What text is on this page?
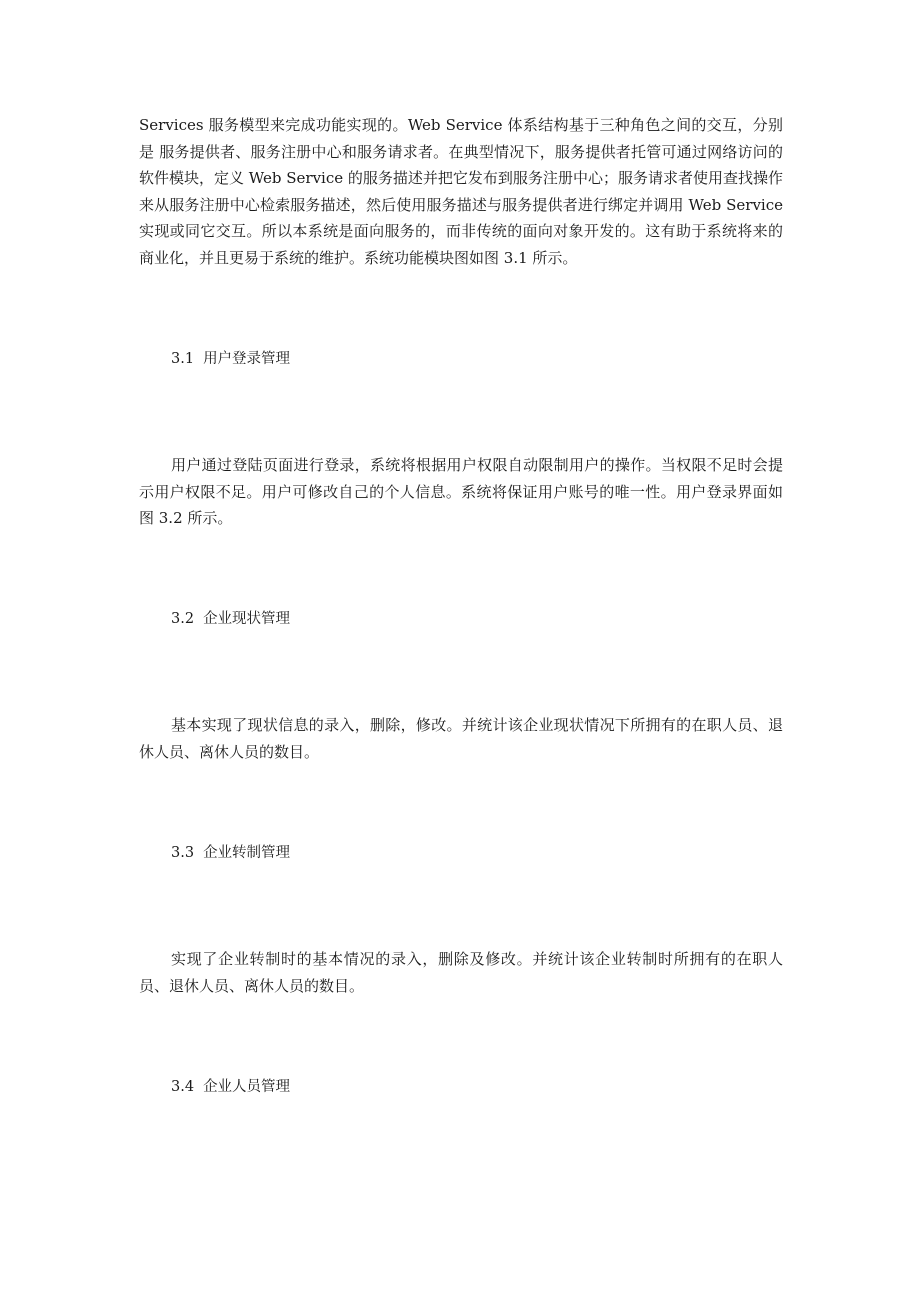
Services 服务模型来完成功能实现的。Web Service 体系结构基于三种角色之间的交互，分别是 服务提供者、服务注册中心和服务请求者。在典型情况下，服务提供者托管可通过网络访问的软件模块，定义 Web Service 的服务描述并把它发布到服务注册中心；服务请求者使用查找操作来从服务注册中心检索服务描述，然后使用服务描述与服务提供者进行绑定并调用 Web Service 实现或同它交互。所以本系统是面向服务的，而非传统的面向对象开发的。这有助于系统将来的商业化，并且更易于系统的维护。系统功能模块图如图 3.1 所示。

3.1 用户登录管理

用户通过登陆页面进行登录，系统将根据用户权限自动限制用户的操作。当权限不足时会提示用户权限不足。用户可修改自己的个人信息。系统将保证用户账号的唯一性。用户登录界面如图 3.2 所示。

3.2 企业现状管理

基本实现了现状信息的录入，删除，修改。并统计该企业现状情况下所拥有的在职人员、退休人员、离休人员的数目。

3.3 企业转制管理

实现了企业转制时的基本情况的录入，删除及修改。并统计该企业转制时所拥有的在职人员、退休人员、离休人员的数目。

3.4 企业人员管理
